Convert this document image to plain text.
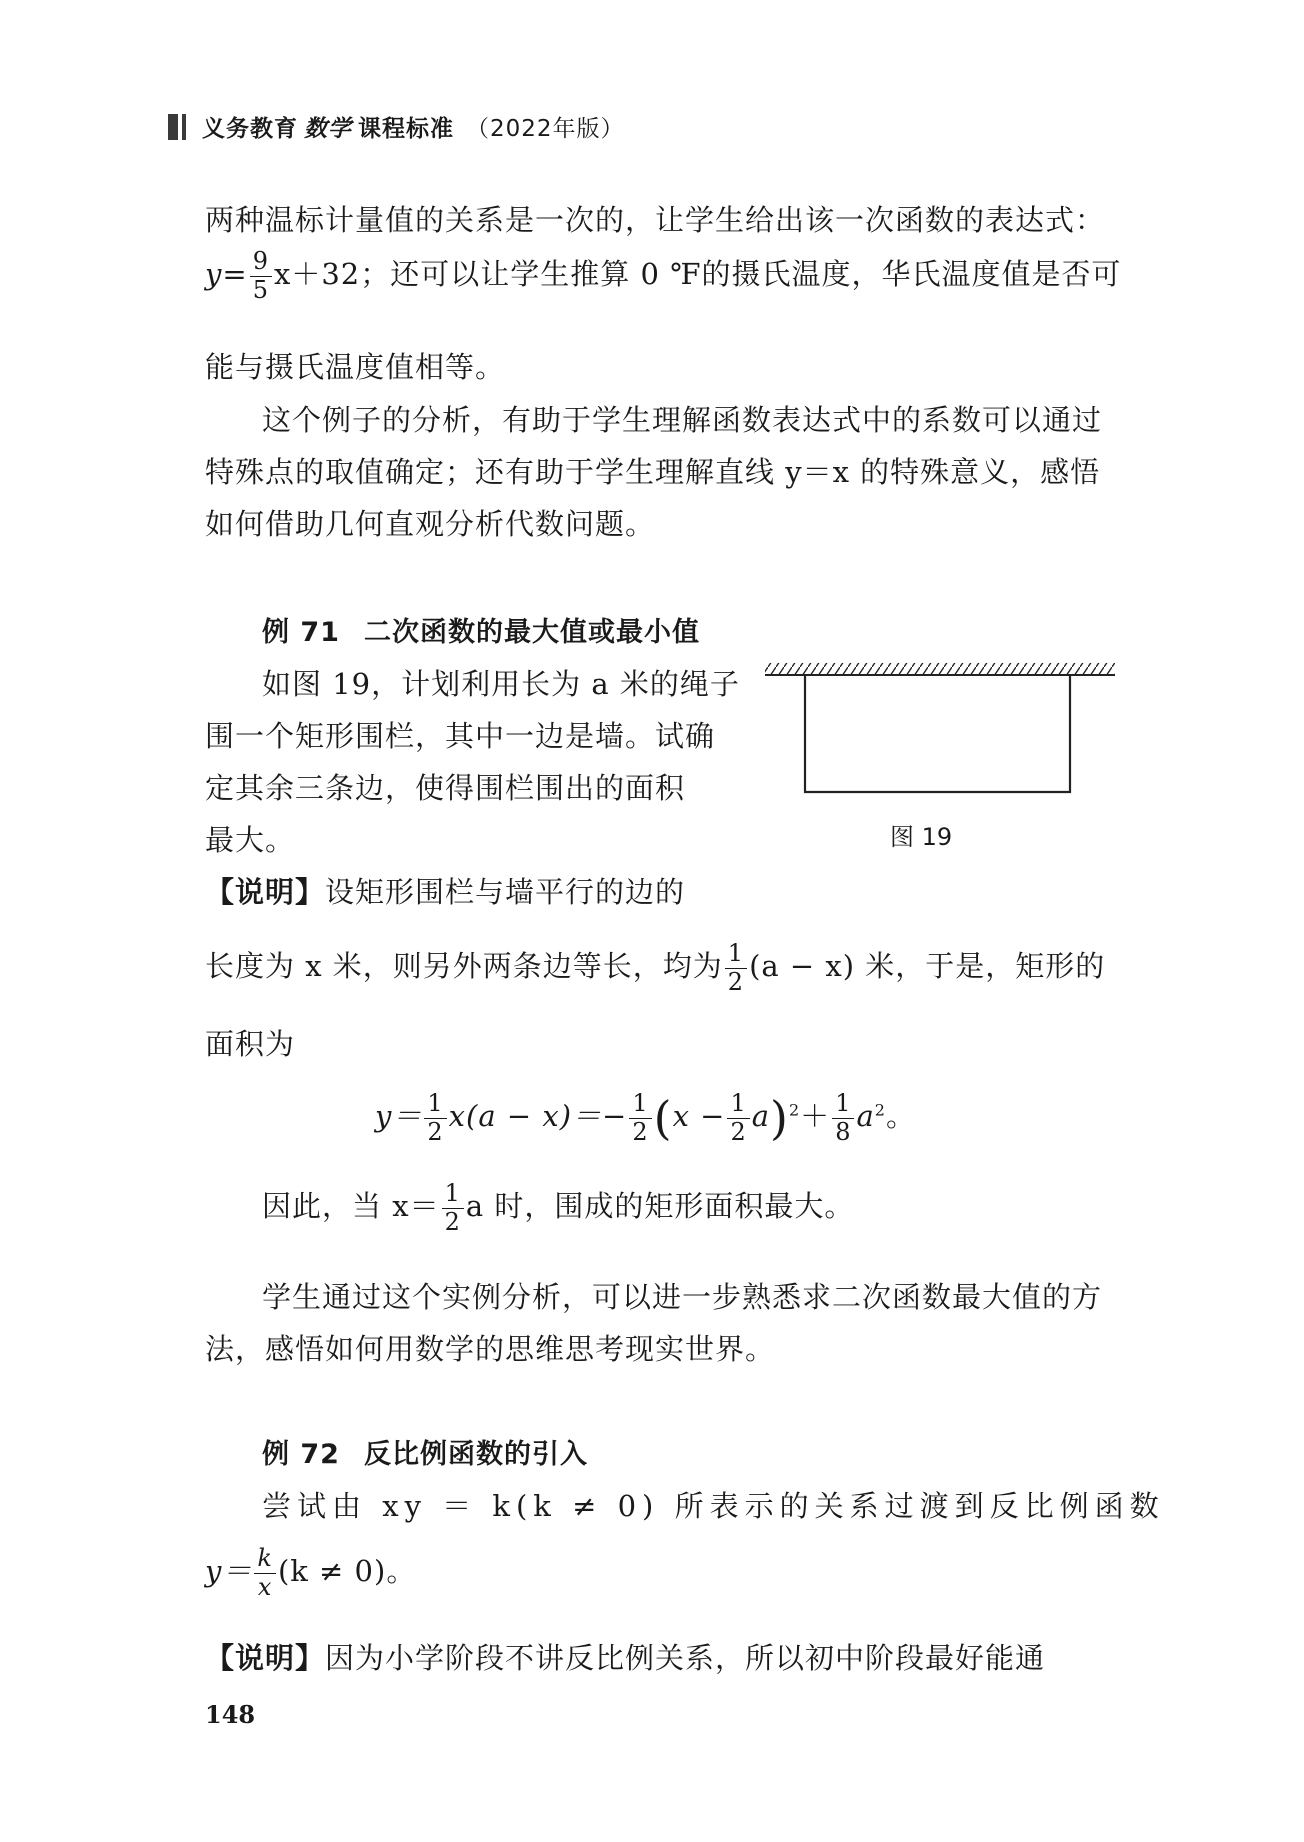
义务教育 数学 课程标准 （2022年版）
两种温标计量值的关系是一次的，让学生给出该一次函数的表达式：
$y= \frac{9}{5} x+32$；还可以让学生推算 0 ℉的摄氏温度，华氏温度值是否可
能与摄氏温度值相等。
这个例子的分析，有助于学生理解函数表达式中的系数可以通过
特殊点的取值确定；还有助于学生理解直线 y＝x 的特殊意义，感悟
如何借助几何直观分析代数问题。
例 71 二次函数的最大值或最小值
如图 19，计划利用长为 a 米的绳子
围一个矩形围栏，其中一边是墙。试确
定其余三条边，使得围栏围出的面积
最大。	图 19
【说明】设矩形围栏与墙平行的边的
长度为 x 米，则另外两条边等长，均为 $\frac{1}{2} (a - x)$ 米，于是，矩形的
面积为
$y= \frac{1}{2} x(a - x)=- \frac{1}{2} (x - \frac{1}{2} a)^2+ \frac{1}{8} a^2$。
因此，当 $x= \frac{1}{2}$ a 时，围成的矩形面积最大。
学生通过这个实例分析，可以进一步熟悉求二次函数最大值的方
法，感悟如何用数学的思维思考现实世界。
例 72 反比例函数的引入
尝试由 xy ＝ k(k ≠ 0) 所表示的关系过渡到反比例函数
$y= \frac{k}{x} (k \ne 0)$。
【说明】因为小学阶段不讲反比例关系，所以初中阶段最好能通
148
